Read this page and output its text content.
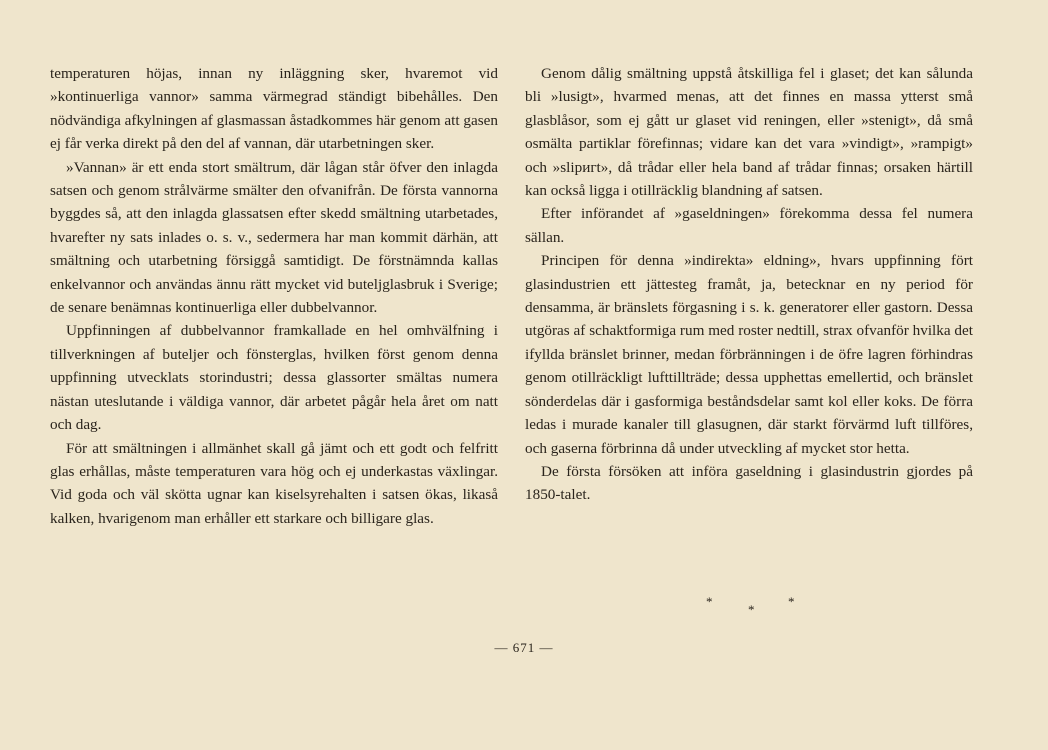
temperaturen höjas, innan ny inläggning sker, hvaremot vid »kontinuerliga vannor» samma värmegrad ständigt bibehålles. Den nödvändiga afkylningen af glasmassan åstadkommes här genom att gasen ej får verka direkt på den del af vannan, där utarbetningen sker.

»Vannan» är ett enda stort smältrum, där lågan står öfver den inlagda satsen och genom strålvärme smälter den ofvanifrån. De första vannorna byggdes så, att den inlagda glassatsen efter skedd smältning utarbetades, hvarefter ny sats inlades o. s. v., sedermera har man kommit därhän, att smältning och utarbetning försiggå samtidigt. De förstnämnda kallas enkelvannor och användas ännu rätt mycket vid buteljglasbruk i Sverige; de senare benämnas kontinuerliga eller dubbelvannor.

Uppfinningen af dubbelvannor framkallade en hel omhvälfning i tillverkningen af buteljer och fönsterglas, hvilken först genom denna uppfinning utvecklats storindustri; dessa glassorter smältas numera nästan uteslutande i väldiga vannor, där arbetet pågår hela året om natt och dag.

För att smältningen i allmänhet skall gå jämt och ett godt och felfritt glas erhållas, måste temperaturen vara hög och ej underkastas växlingar. Vid goda och väl skötta ugnar kan kiselsyrehalten i satsen ökas, likaså kalken, hvarigenom man erhåller ett starkare och billigare glas.

Genom dålig smältning uppstå åtskilliga fel i glaset; det kan sålunda bli »lusigt», hvarmed menas, att det finnes en massa ytterst små glasblåsor, som ej gått ur glaset vid reningen, eller »stenigt», då små osmälta partiklar förefinnas; vidare kan det vara »vindigt», »rampigt» och »sliригt», då trådar eller hela band af trådar finnas; orsaken härtill kan också ligga i otillräcklig blandning af satsen.

Efter införandet af »gaseldningen» förekomma dessa fel numera sällan.

Principen för denna »indirekta» eldning», hvars uppfinning fört glasindustrien ett jättesteg framåt, ja, betecknar en ny period för densamma, är bränslets förgasning i s. k. generatorer eller gastorn. Dessa utgöras af schaktformiga rum med roster nedtill, strax ofvanför hvilka det ifyllda bränslet brinner, medan förbränningen i de öfre lagren förhindras genom otillräckligt lufttillträde; dessa upphettas emellertid, och bränslet sönderdelas där i gasformiga beståndsdelar samt kol eller koks. De förra ledas i murade kanaler till glasugnen, där starkt förvärmd luft tillföres, och gaserna förbrinna då under utveckling af mycket stor hetta.

De första försöken att införa gaseldning i glasindustrin gjordes på 1850-talet.

*
*
*
— 671 —
